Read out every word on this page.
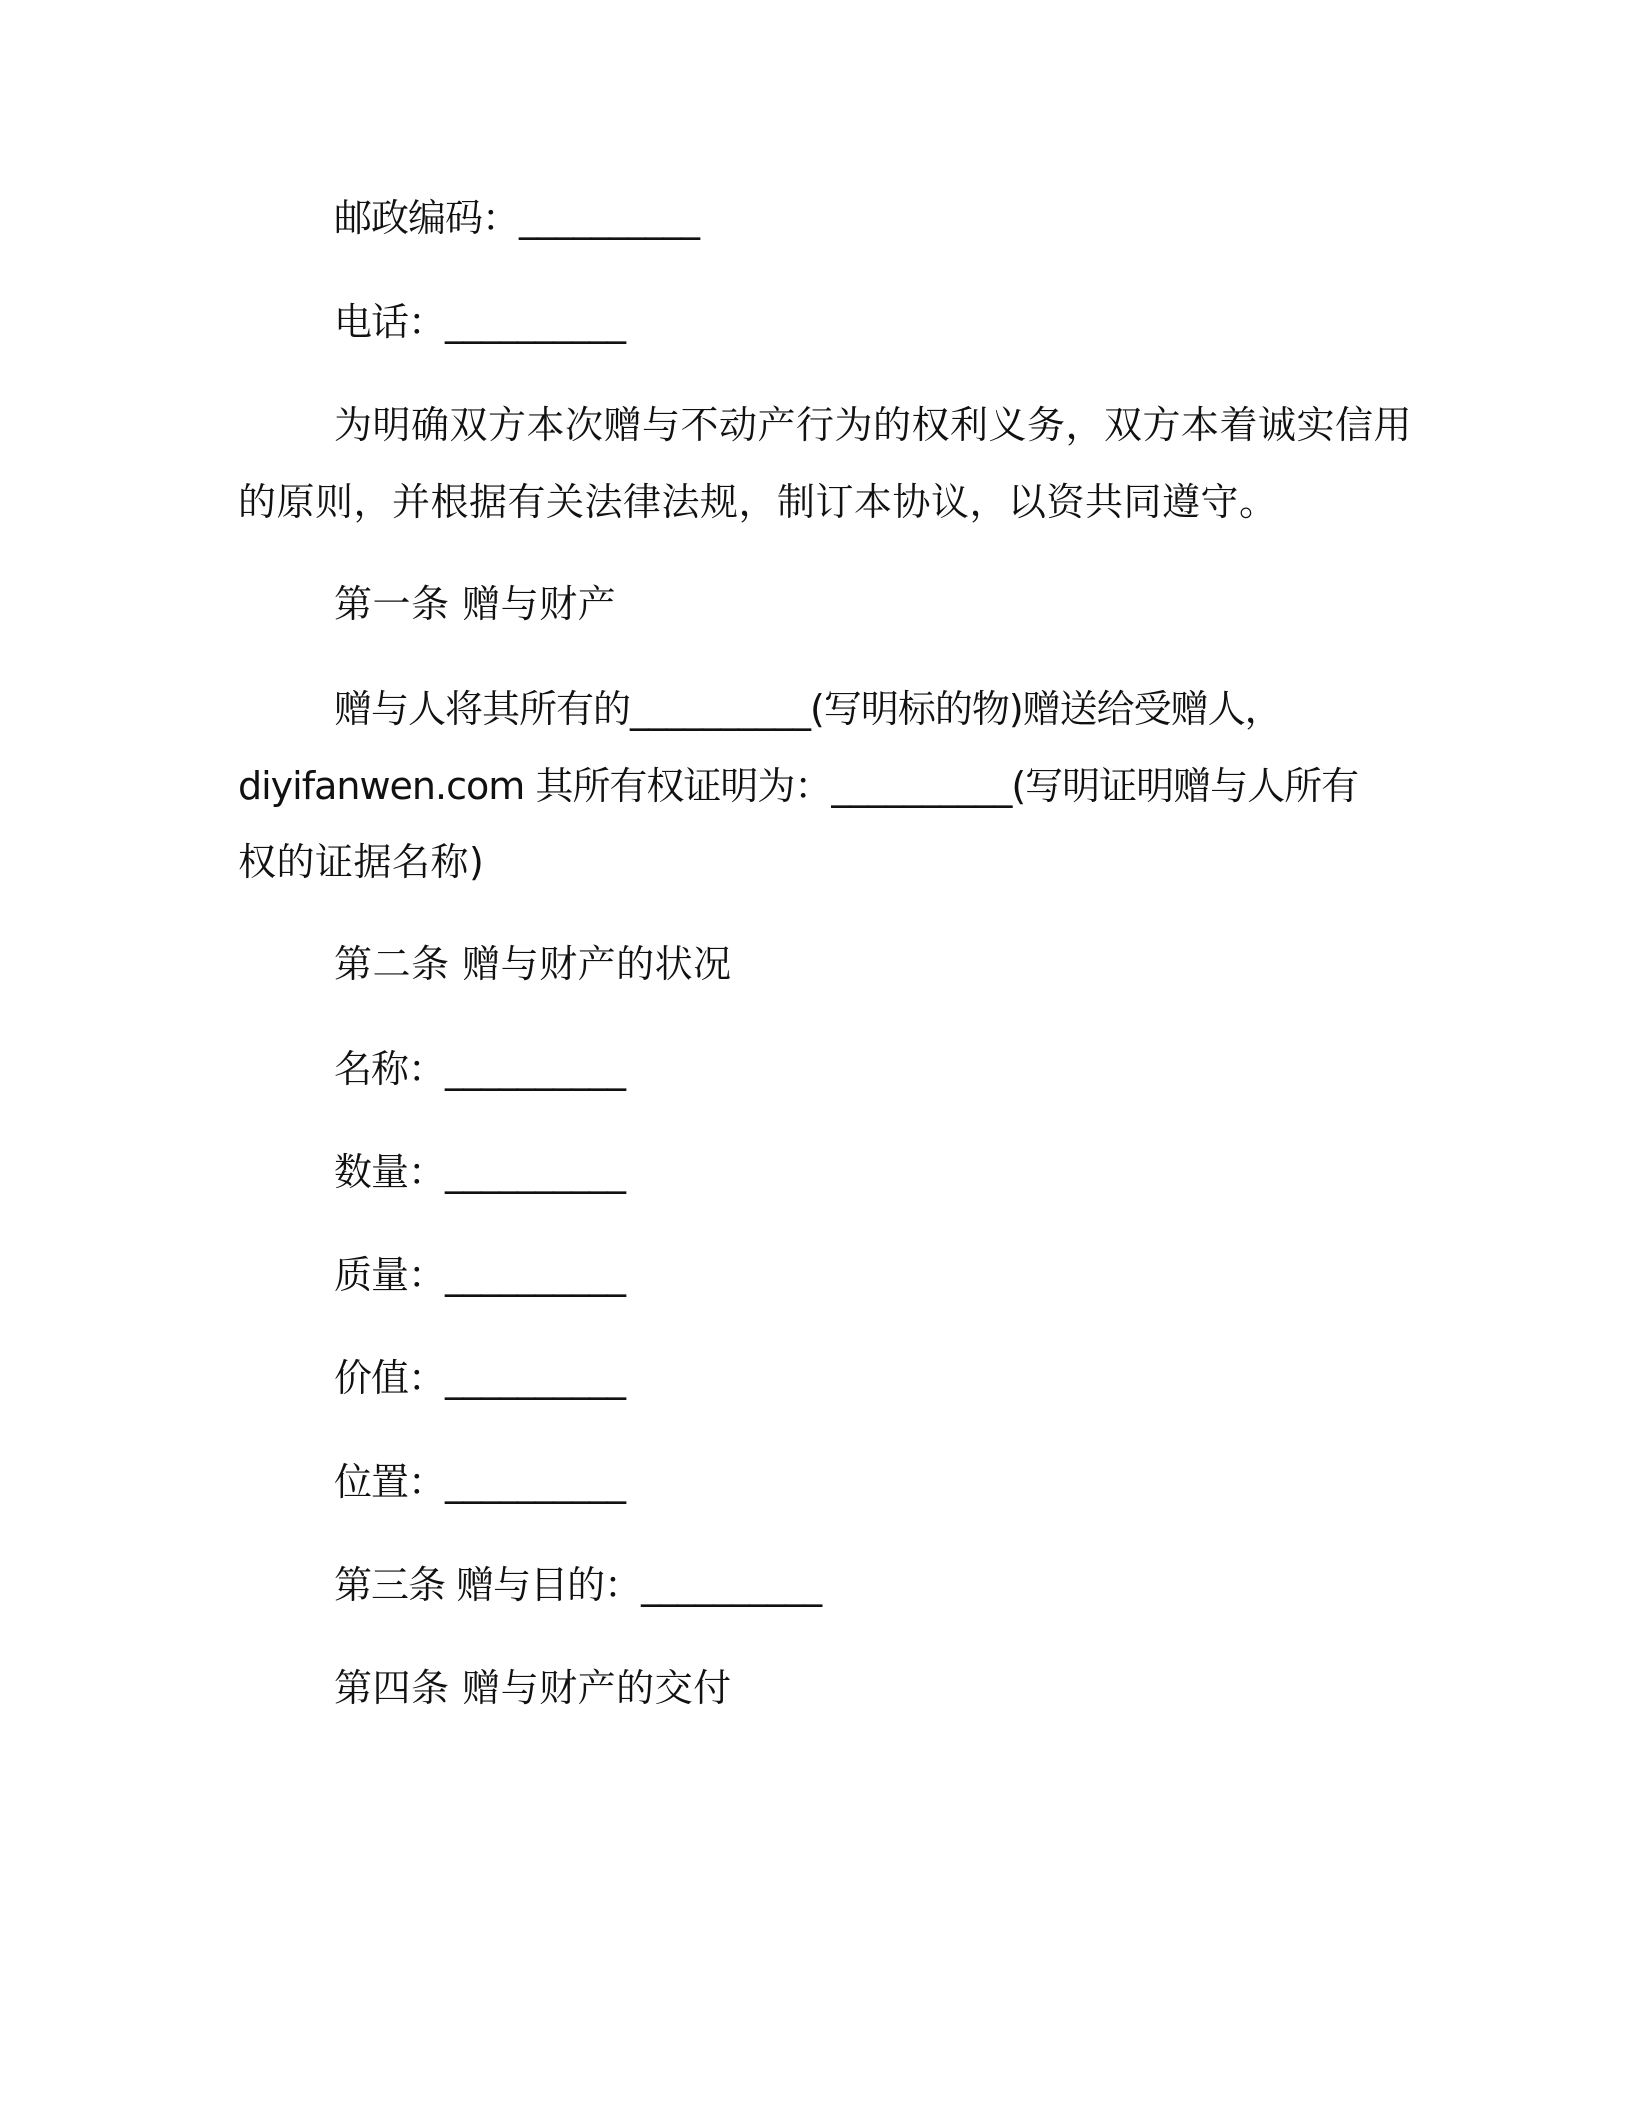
邮政编码：__________
电话：__________
为明确双方本次赠与不动产行为的权利义务，双方本着诚实信用
的原则，并根据有关法律法规，制订本协议，以资共同遵守。
第一条 赠与财产
赠与人将其所有的__________(写明标的物)赠送给受赠人，
diyifanwen.com 其所有权证明为：__________(写明证明赠与人所有
权的证据名称)
第二条 赠与财产的状况
名称：__________
数量：__________
质量：__________
价值：__________
位置：__________
第三条 赠与目的：__________
第四条 赠与财产的交付
